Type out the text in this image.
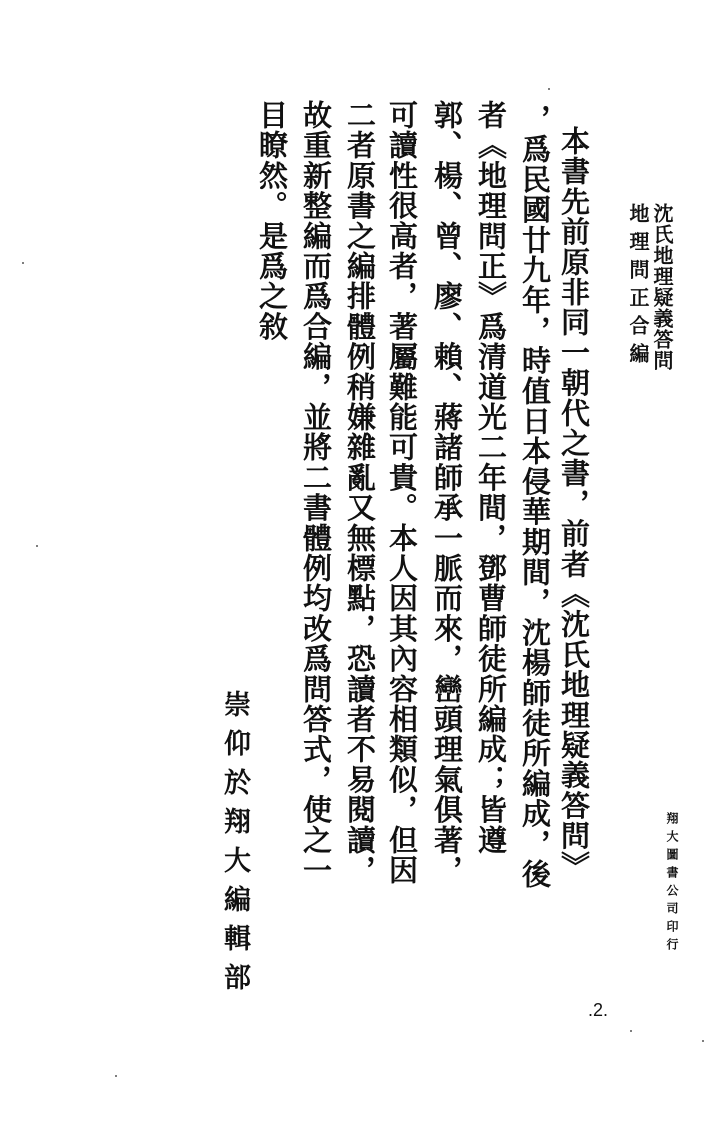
沈氏地理疑義答問
地理問正合編
翔大圖書公司印行
本書先前原非同一朝代之書，前者《沈氏地理疑義答問》
，爲民國廿九年，時值日本侵華期間，沈楊師徒所編成，後
者《地理問正》爲清道光二年間，鄧曹師徒所編成；皆遵
郭、楊、曾、廖、賴、蔣諸師承一脈而來，巒頭理氣俱著，
可讀性很高者，著屬難能可貴。本人因其內容相類似，但因
二者原書之編排體例稍嫌雜亂又無標點，恐讀者不易閱讀，
故重新整編而爲合編，並將二書體例均改爲問答式，使之一
目瞭然。是爲之敘
崇仰於翔大編輯部
.2.
